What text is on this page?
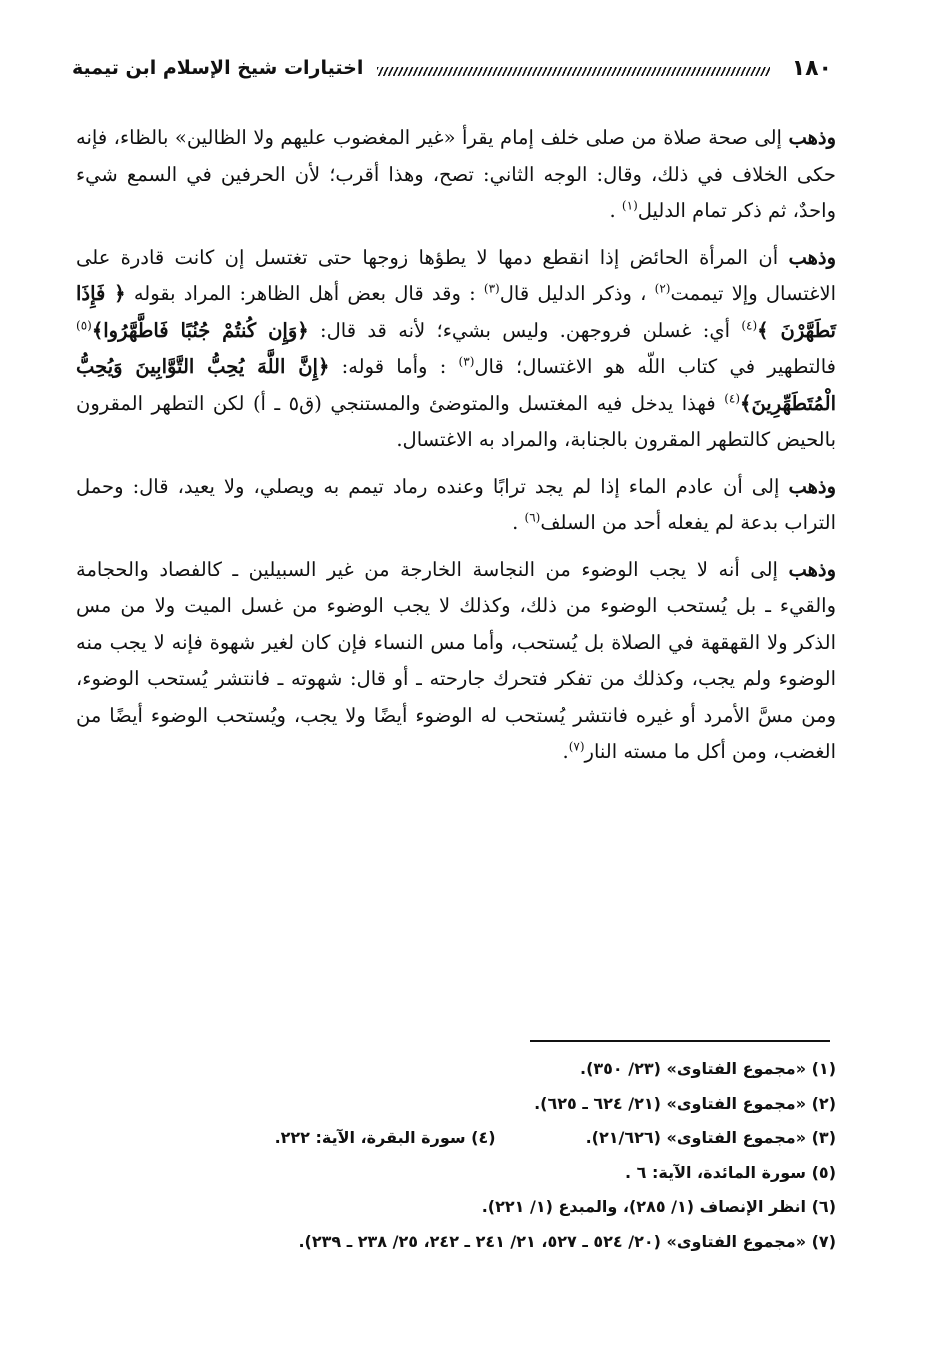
١٨٠
اختيارات شيخ الإسلام ابن تيمية

وذهب إلى صحة صلاة من صلى خلف إمام يقرأ «غير المغضوب عليهم ولا الظالين» بالظاء، فإنه حكى الخلاف في ذلك، وقال: الوجه الثاني: تصح، وهذا أقرب؛ لأن الحرفين في السمع شيء واحدٌ، ثم ذكر تمام الدليل$^{(١)}$ .

وذهب أن المرأة الحائض إذا انقطع دمها لا يطؤها زوجها حتى تغتسل إن كانت قادرة على الاغتسال وإلا تيممت$^{(٢)}$ ، وذكر الدليل قال$^{(٣)}$ : وقد قال بعض أهل الظاهر: المراد بقوله ﴿ فَإِذَا تَطَهَّرْنَ ﴾$^{(٤)}$ أي: غسلن فروجهن. وليس بشيء؛ لأنه قد قال: ﴿وَإِن كُنتُمْ جُنُبًا فَاطَّهَّرُوا﴾$^{(٥)}$ فالتطهير في كتاب اللّه هو الاغتسال؛ قال$^{(٣)}$ : وأما قوله: ﴿إِنَّ اللَّهَ يُحِبُّ التَّوَّابِينَ وَيُحِبُّ الْمُتَطَهِّرِينَ﴾$^{(٤)}$ فهذا يدخل فيه المغتسل والمتوضئ والمستنجي (ق٥ ـ أ) لكن التطهر المقرون بالحيض كالتطهر المقرون بالجنابة، والمراد به الاغتسال.

وذهب إلى أن عادم الماء إذا لم يجد ترابًا وعنده رماد تيمم به ويصلي، ولا يعيد، قال: وحمل التراب بدعة لم يفعله أحد من السلف$^{(٦)}$ .

وذهب إلى أنه لا يجب الوضوء من النجاسة الخارجة من غير السبيلين ـ كالفصاد والحجامة والقيء ـ بل يُستحب الوضوء من ذلك، وكذلك لا يجب الوضوء من غسل الميت ولا من مس الذكر ولا القهقهة في الصلاة بل يُستحب، وأما مس النساء فإن كان لغير شهوة فإنه لا يجب منه الوضوء ولم يجب، وكذلك من تفكر فتحرك جارحته ـ أو قال: شهوته ـ فانتشر يُستحب الوضوء، ومن مسَّ الأمرد أو غيره فانتشر يُستحب له الوضوء أيضًا ولا يجب، ويُستحب الوضوء أيضًا من الغضب، ومن أكل ما مسته النار$^{(٧)}$.

(١) «مجموع الفتاوى» (٢٣/ ٣٥٠).
(٢) «مجموع الفتاوى» (٢١/ ٦٢٤ ـ ٦٢٥).
(٣) «مجموع الفتاوى» (٢١/٦٢٦).
(٤) سورة البقرة، الآية: ٢٢٢.
(٥) سورة المائدة، الآية: ٦ .
(٦) انظر الإنصاف (١/ ٢٨٥)، والمبدع (١/ ٢٢١).
(٧) «مجموع الفتاوى» (٢٠/ ٥٢٤ ـ ٥٢٧، ٢١/ ٢٤١ ـ ٢٤٢، ٢٥/ ٢٣٨ ـ ٢٣٩).
